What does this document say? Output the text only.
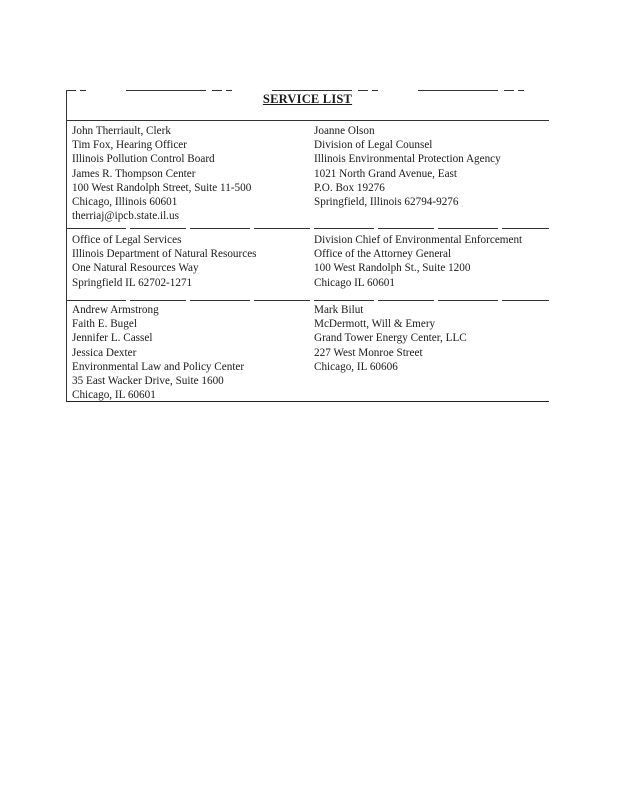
SERVICE LIST
John Therriault, Clerk
Tim Fox, Hearing Officer
Illinois Pollution Control Board
James R. Thompson Center
100 West Randolph Street, Suite 11-500
Chicago, Illinois 60601
therriaj@ipcb.state.il.us
Joanne Olson
Division of Legal Counsel
Illinois Environmental Protection Agency
1021 North Grand Avenue, East
P.O. Box 19276
Springfield, Illinois 62794-9276
Office of Legal Services
Illinois Department of Natural Resources
One Natural Resources Way
Springfield IL 62702-1271
Division Chief of Environmental Enforcement
Office of the Attorney General
100 West Randolph St., Suite 1200
Chicago IL 60601
Andrew Armstrong
Faith E. Bugel
Jennifer L. Cassel
Jessica Dexter
Environmental Law and Policy Center
35 East Wacker Drive, Suite 1600
Chicago, IL 60601
Mark Bilut
McDermott, Will & Emery
Grand Tower Energy Center, LLC
227 West Monroe Street
Chicago, IL 60606
